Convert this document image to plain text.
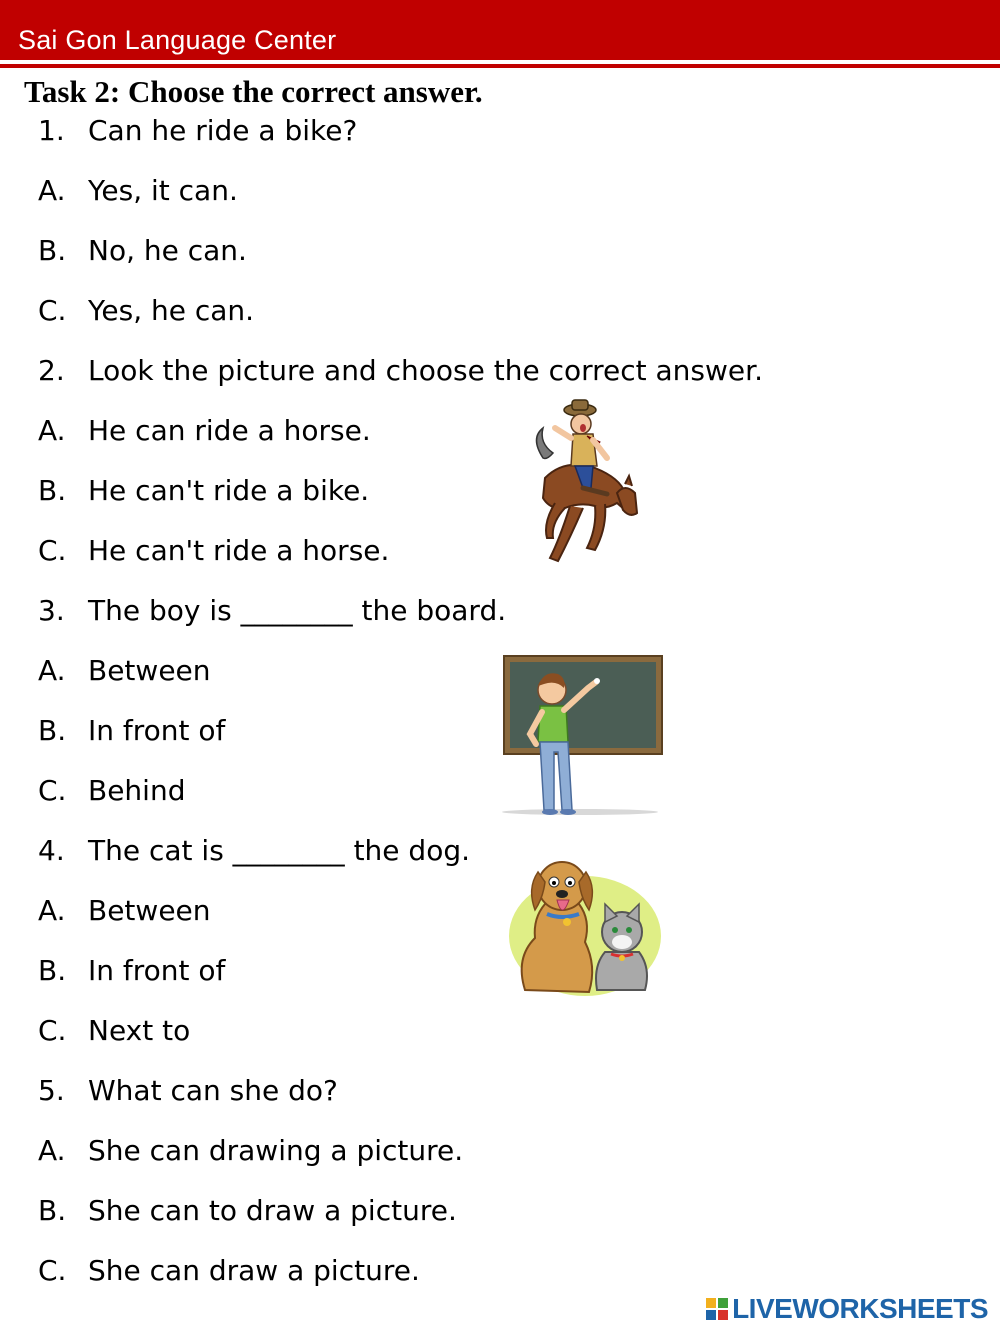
Sai Gon Language Center
Task 2: Choose the correct answer.
1. Can he ride a bike?
A. Yes, it can.
B. No, he can.
C. Yes, he can.
2. Look the picture and choose the correct answer.
A. He can ride a horse.
B. He can't ride a bike.
C. He can't ride a horse.
3. The boy is ________ the board.
A. Between
B. In front of
C. Behind
4. The cat is ________ the dog.
A. Between
B. In front of
C. Next to
5. What can she do?
A. She can drawing a picture.
B. She can to draw a picture.
C. She can draw a picture.
LIVEWORKSHEETS
